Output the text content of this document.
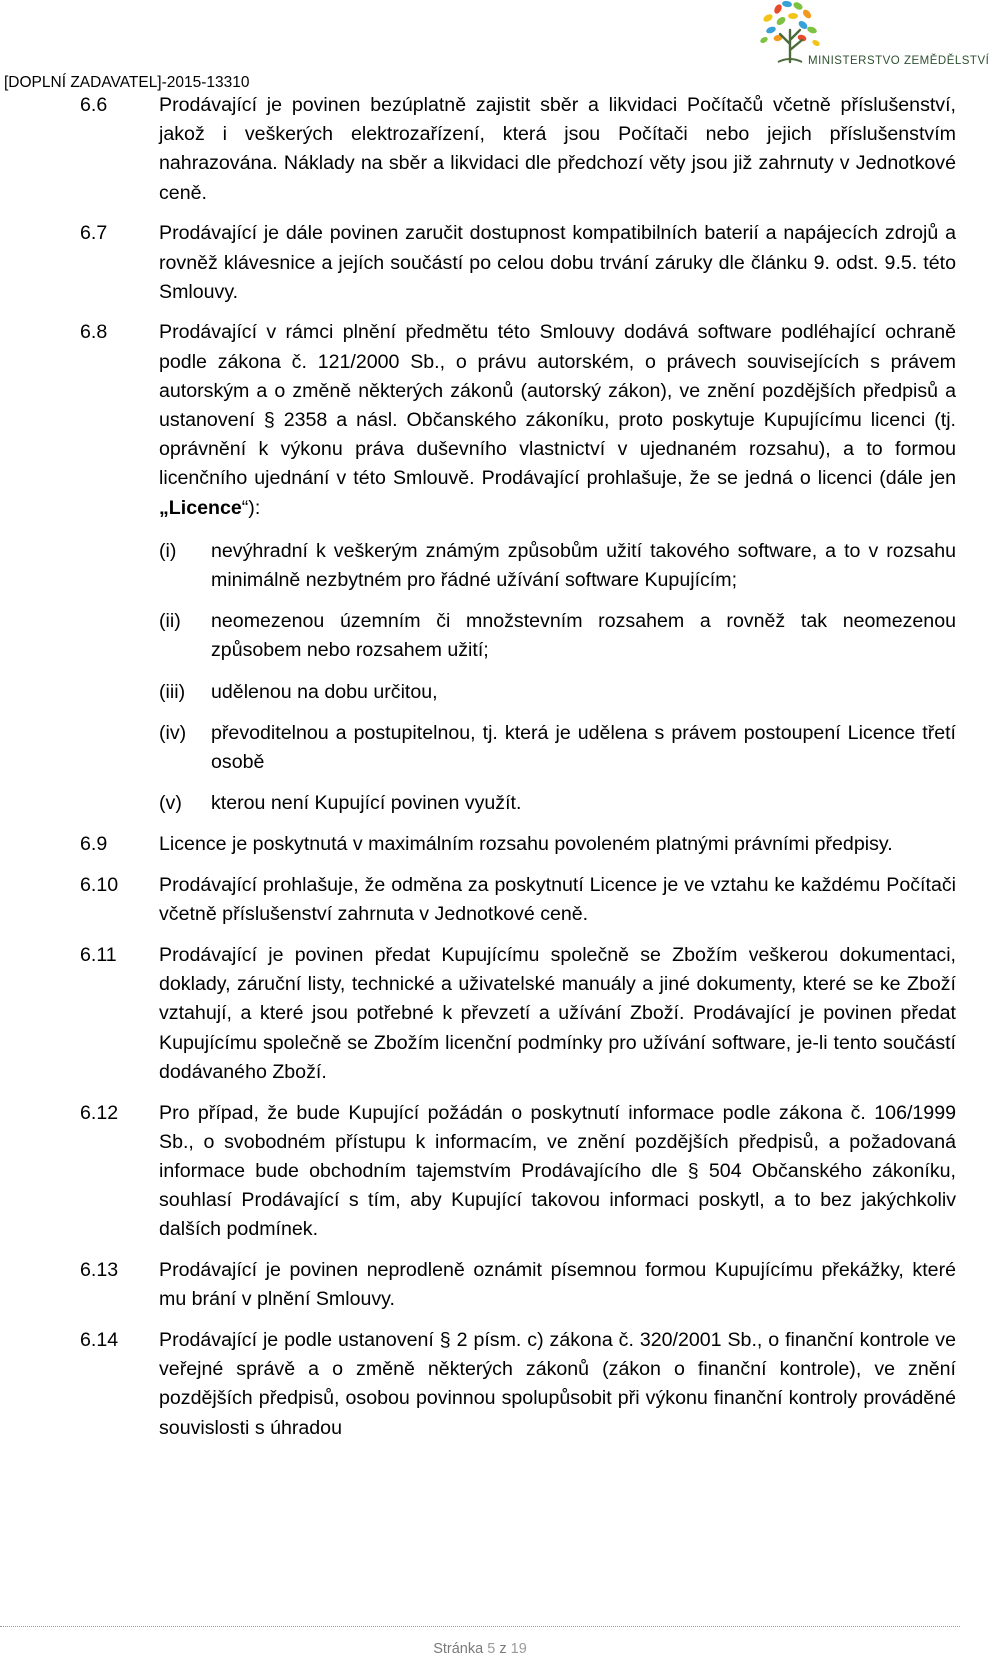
[DOPLNÍ ZADAVATEL]-2015-13310
MINISTERSTVO ZEMĚDĚLSTVÍ
6.6	Prodávající je povinen bezúplatně zajistit sběr a likvidaci Počítačů včetně příslušenství, jakož i veškerých elektrozařízení, která jsou Počítači nebo jejich příslušenstvím nahrazována. Náklady na sběr a likvidaci dle předchozí věty jsou již zahrnuty v Jednotkové ceně.
6.7	Prodávající je dále povinen zaručit dostupnost kompatibilních baterií a napájecích zdrojů a rovněž klávesnice a jejích součástí po celou dobu trvání záruky dle článku 9. odst. 9.5. této Smlouvy.
6.8	Prodávající v rámci plnění předmětu této Smlouvy dodává software podléhající ochraně podle zákona č. 121/2000 Sb., o právu autorském, o právech souvisejících s právem autorským a o změně některých zákonů (autorský zákon), ve znění pozdějších předpisů a ustanovení § 2358 a násl. Občanského zákoníku, proto poskytuje Kupujícímu licenci (tj. oprávnění k výkonu práva duševního vlastnictví v ujednaném rozsahu), a to formou licenčního ujednání v této Smlouvě. Prodávající prohlašuje, že se jedná o licenci (dále jen „Licence“):
(i) nevýhradní k veškerým známým způsobům užití takového software, a to v rozsahu minimálně nezbytném pro řádné užívání software Kupujícím;
(ii) neomezenou územním či množstevním rozsahem a rovněž tak neomezenou způsobem nebo rozsahem užití;
(iii) udělenou na dobu určitou,
(iv) převoditelnou a postupitelnou, tj. která je udělena s právem postoupení Licence třetí osobě
(v) kterou není Kupující povinen využít.
6.9	Licence je poskytnutá v maximálním rozsahu povoleném platnými právními předpisy.
6.10 Prodávající prohlašuje, že odměna za poskytnutí Licence je ve vztahu ke každému Počítači včetně příslušenství zahrnuta v Jednotkové ceně.
6.11 Prodávající je povinen předat Kupujícímu společně se Zbožím veškerou dokumentaci, doklady, záruční listy, technické a uživatelské manuály a jiné dokumenty, které se ke Zboží vztahují, a které jsou potřebné k převzetí a užívání Zboží. Prodávající je povinen předat Kupujícímu společně se Zbožím licenční podmínky pro užívání software, je-li tento součástí dodávaného Zboží.
6.12 Pro případ, že bude Kupující požádán o poskytnutí informace podle zákona č. 106/1999 Sb., o svobodném přístupu k informacím, ve znění pozdějších předpisů, a požadovaná informace bude obchodním tajemstvím Prodávajícího dle § 504 Občanského zákoníku, souhlasí Prodávající s tím, aby Kupující takovou informaci poskytl, a to bez jakýchkoliv dalších podmínek.
6.13 Prodávající je povinen neprodleně oznámit písemnou formou Kupujícímu překážky, které mu brání v plnění Smlouvy.
6.14 Prodávající je podle ustanovení § 2 písm. c) zákona č. 320/2001 Sb., o finanční kontrole ve veřejné správě a o změně některých zákonů (zákon o finanční kontrole), ve znění pozdějších předpisů, osobou povinnou spolupůsobit při výkonu finanční kontroly prováděné souvislosti s úhradou
Stránka 5 z 19
